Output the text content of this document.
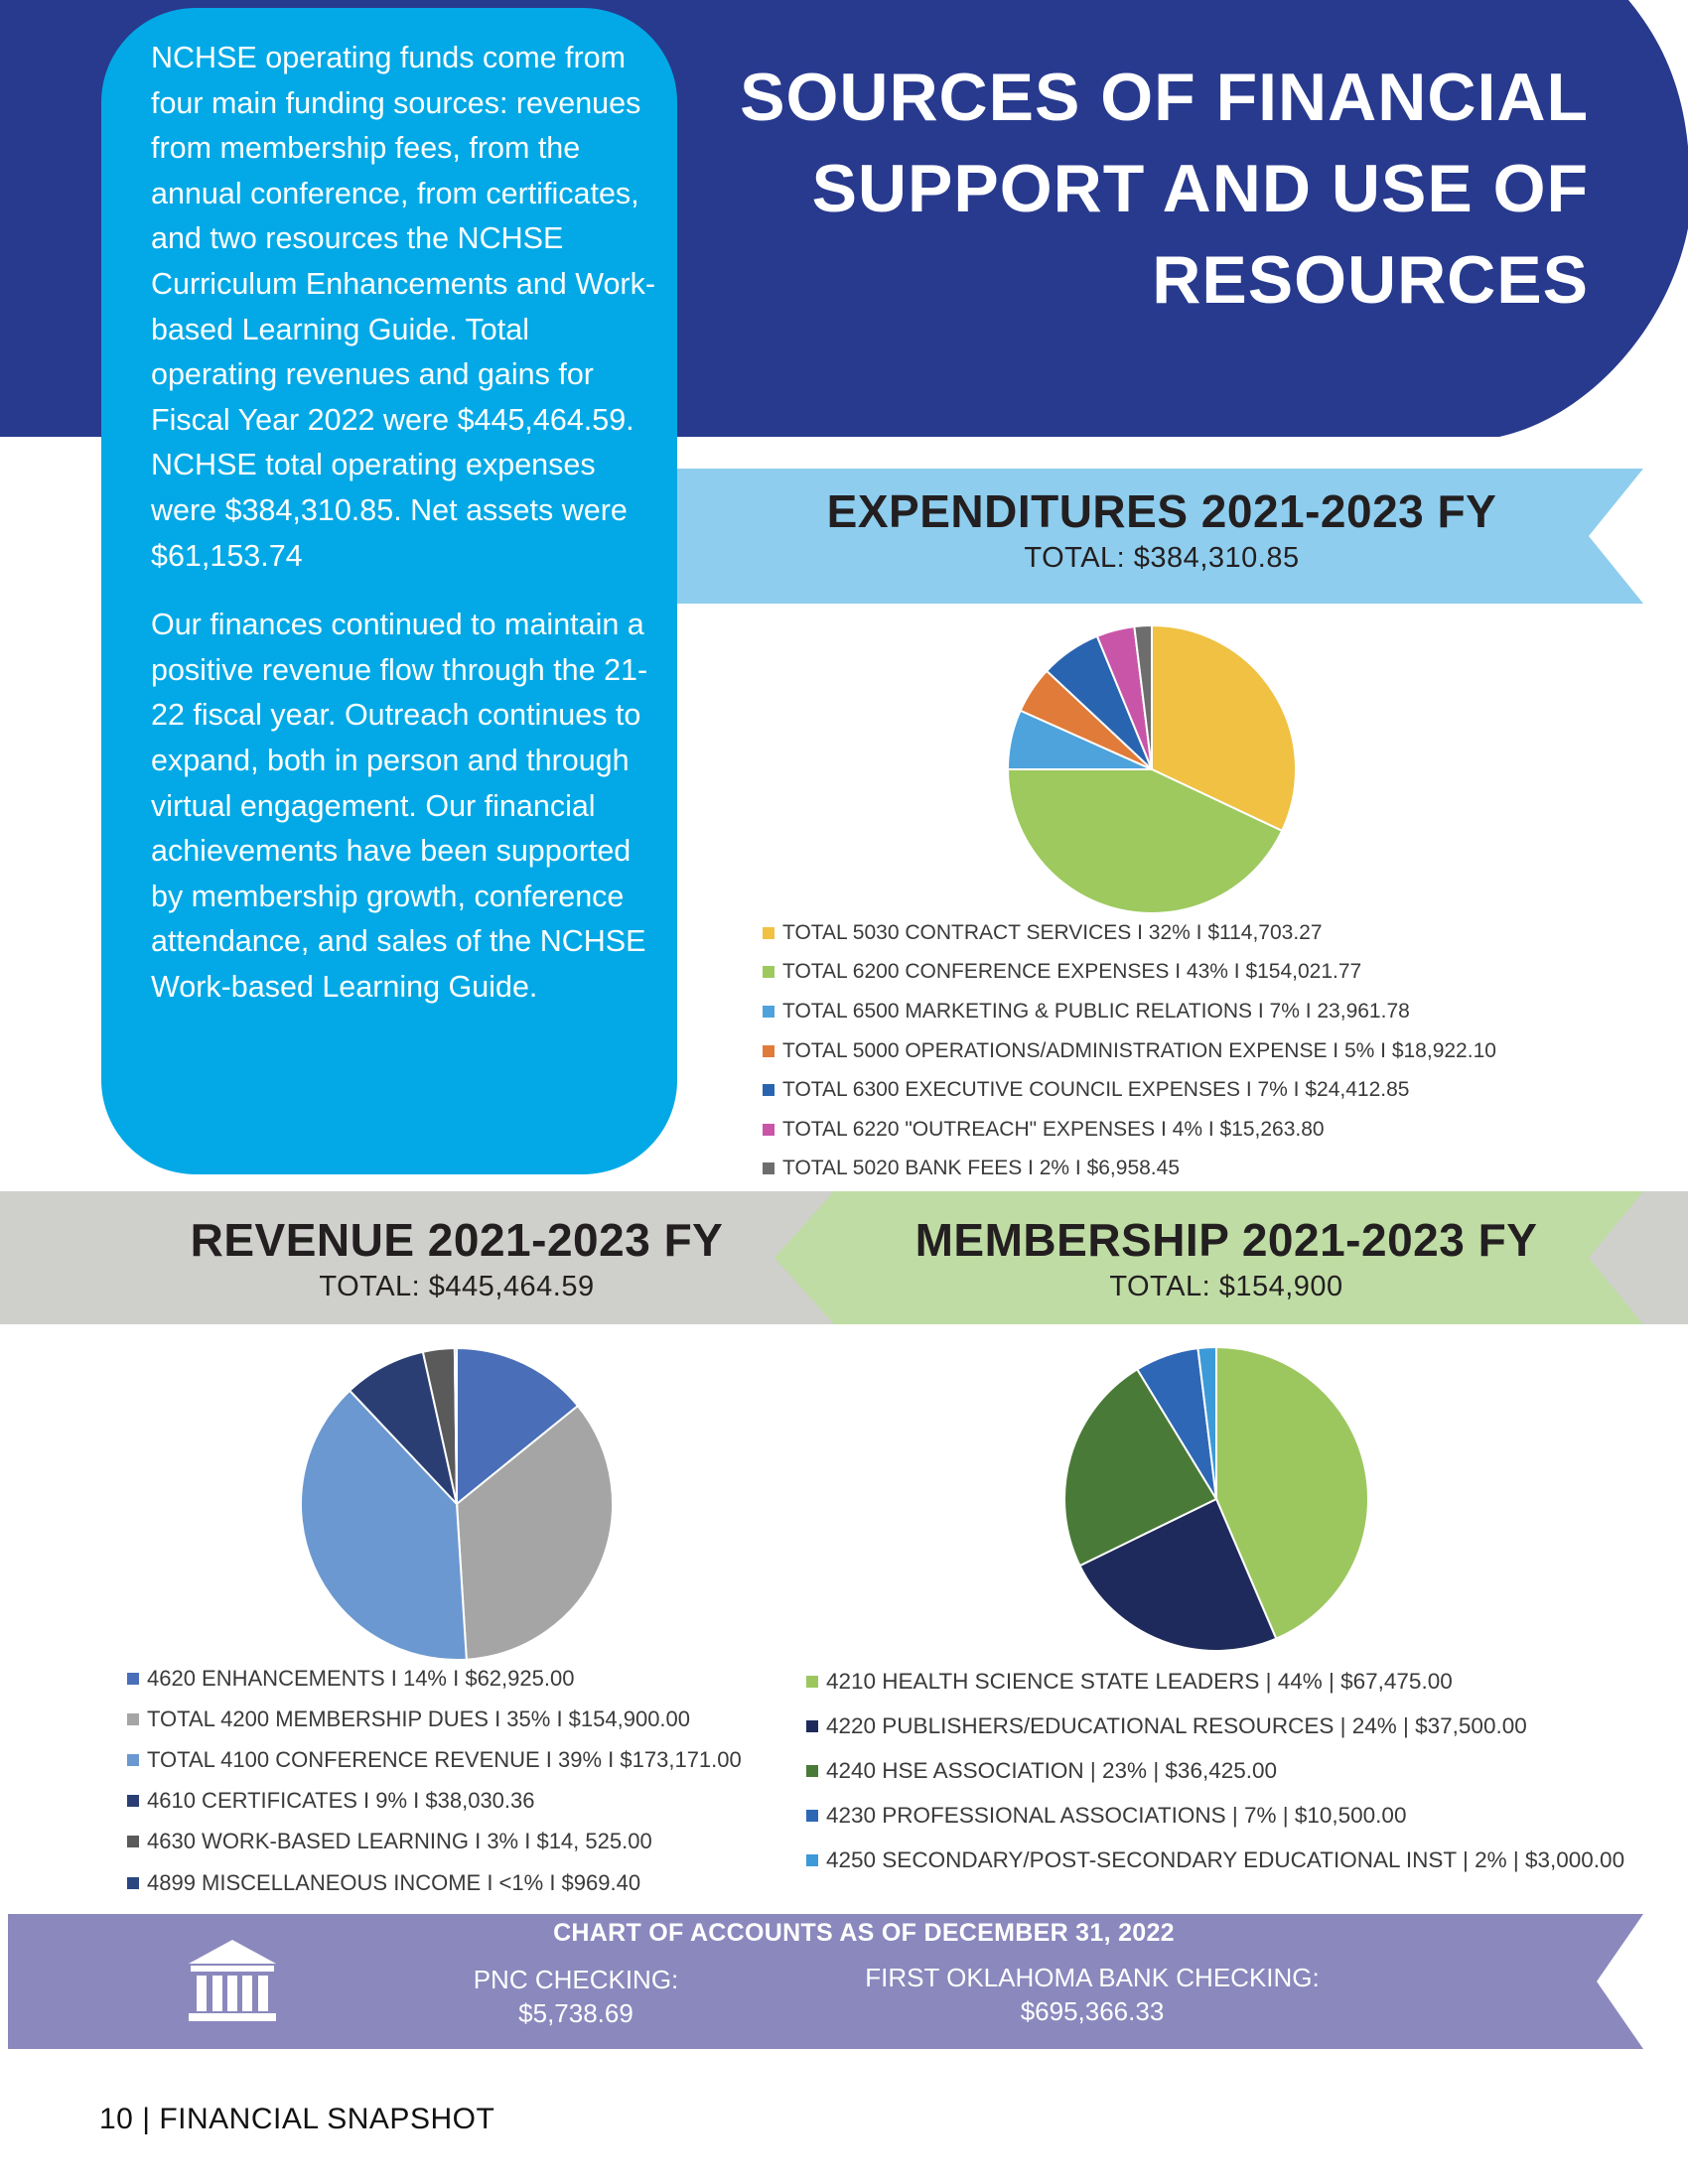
SOURCES OF FINANCIAL
SUPPORT AND USE OF
RESOURCES
EXPENDITURES 2021-2023 FY
TOTAL: $384,310.85

NCHSE operating funds come from four main funding sources: revenues from membership fees, from the annual conference, from certificates, and two resources the NCHSE Curriculum Enhancements and Work-based Learning Guide. Total operating revenues and gains for Fiscal Year 2022 were $445,464.59. NCHSE total operating expenses were $384,310.85. Net assets were $61,153.74

Our finances continued to maintain a positive revenue flow through the 21-22 fiscal year. Outreach continues to expand, both in person and through virtual engagement. Our financial achievements have been supported by membership growth, conference attendance, and sales of the NCHSE Work-based Learning Guide.

TOTAL 5030 CONTRACT SERVICES I 32% I $114,703.27
TOTAL 6200 CONFERENCE EXPENSES I 43% I $154,021.77
TOTAL 6500 MARKETING & PUBLIC RELATIONS I 7% I 23,961.78
TOTAL 5000 OPERATIONS/ADMINISTRATION EXPENSE I 5% I $18,922.10
TOTAL 6300 EXECUTIVE COUNCIL EXPENSES I 7% I $24,412.85
TOTAL 6220 "OUTREACH" EXPENSES I 4% I $15,263.80
TOTAL 5020 BANK FEES I 2% I $6,958.45
REVENUE 2021-2023 FY
TOTAL: $445,464.59
MEMBERSHIP 2021-2023 FY
TOTAL: $154,900
4620 ENHANCEMENTS I 14% I $62,925.00
TOTAL 4200 MEMBERSHIP DUES I 35% I $154,900.00
TOTAL 4100 CONFERENCE REVENUE I 39% I $173,171.00
4610 CERTIFICATES I 9% I $38,030.36
4630 WORK-BASED LEARNING I 3% I $14, 525.00
4899 MISCELLANEOUS INCOME I <1% I $969.40
4210 HEALTH SCIENCE STATE LEADERS | 44% | $67,475.00
4220 PUBLISHERS/EDUCATIONAL RESOURCES | 24% | $37,500.00
4240 HSE ASSOCIATION | 23% | $36,425.00
4230 PROFESSIONAL ASSOCIATIONS | 7% | $10,500.00
4250 SECONDARY/POST-SECONDARY EDUCATIONAL INST | 2% | $3,000.00
CHART OF ACCOUNTS AS OF DECEMBER 31, 2022
PNC CHECKING:
$5,738.69
FIRST OKLAHOMA BANK CHECKING:
$695,366.33
10 | FINANCIAL SNAPSHOT
